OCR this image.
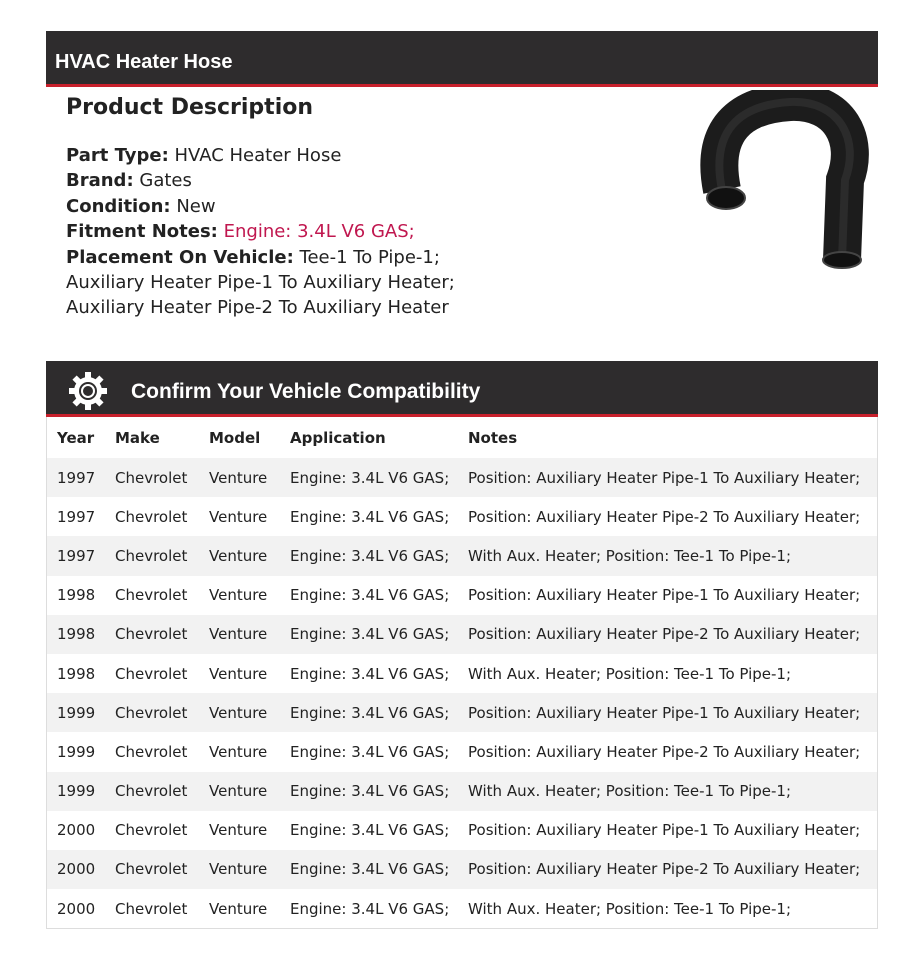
HVAC Heater Hose
Product Description
Part Type: HVAC Heater Hose
Brand: Gates
Condition: New
Fitment Notes: Engine: 3.4L V6 GAS;
Placement On Vehicle: Tee-1 To Pipe-1;
Auxiliary Heater Pipe-1 To Auxiliary Heater;
Auxiliary Heater Pipe-2 To Auxiliary Heater
Confirm Your Vehicle Compatibility
Year	Make	Model	Application	Notes
1997	Chevrolet	Venture	Engine: 3.4L V6 GAS;	Position: Auxiliary Heater Pipe-1 To Auxiliary Heater;
1997	Chevrolet	Venture	Engine: 3.4L V6 GAS;	Position: Auxiliary Heater Pipe-2 To Auxiliary Heater;
1997	Chevrolet	Venture	Engine: 3.4L V6 GAS;	With Aux. Heater; Position: Tee-1 To Pipe-1;
1998	Chevrolet	Venture	Engine: 3.4L V6 GAS;	Position: Auxiliary Heater Pipe-1 To Auxiliary Heater;
1998	Chevrolet	Venture	Engine: 3.4L V6 GAS;	Position: Auxiliary Heater Pipe-2 To Auxiliary Heater;
1998	Chevrolet	Venture	Engine: 3.4L V6 GAS;	With Aux. Heater; Position: Tee-1 To Pipe-1;
1999	Chevrolet	Venture	Engine: 3.4L V6 GAS;	Position: Auxiliary Heater Pipe-1 To Auxiliary Heater;
1999	Chevrolet	Venture	Engine: 3.4L V6 GAS;	Position: Auxiliary Heater Pipe-2 To Auxiliary Heater;
1999	Chevrolet	Venture	Engine: 3.4L V6 GAS;	With Aux. Heater; Position: Tee-1 To Pipe-1;
2000	Chevrolet	Venture	Engine: 3.4L V6 GAS;	Position: Auxiliary Heater Pipe-1 To Auxiliary Heater;
2000	Chevrolet	Venture	Engine: 3.4L V6 GAS;	Position: Auxiliary Heater Pipe-2 To Auxiliary Heater;
2000	Chevrolet	Venture	Engine: 3.4L V6 GAS;	With Aux. Heater; Position: Tee-1 To Pipe-1;
